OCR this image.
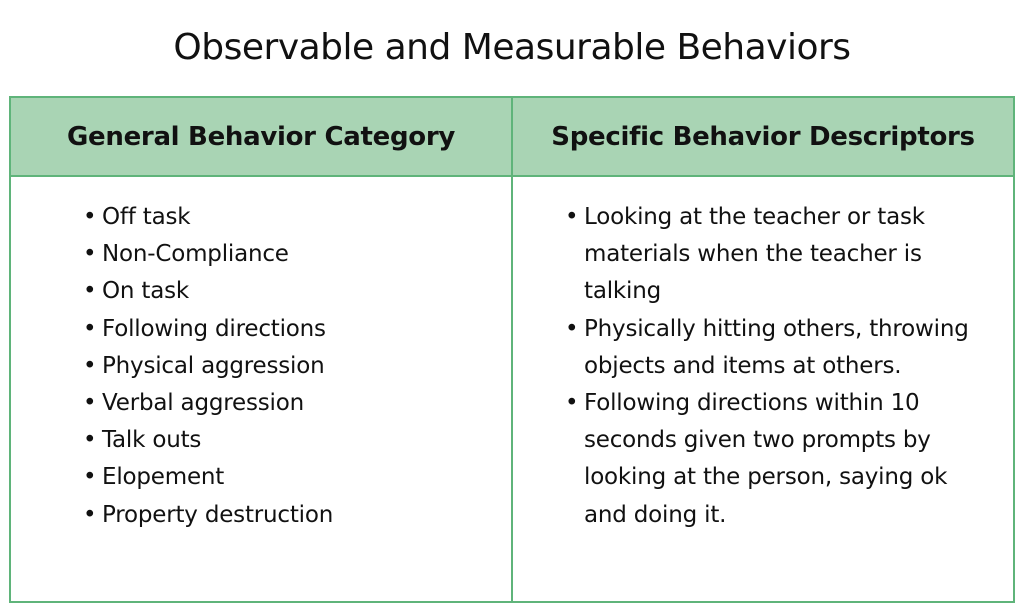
Observable and Measurable Behaviors
General Behavior Category	Specific Behavior Descriptors
• Off task
• Non-Compliance
• On task
• Following directions
• Physical aggression
• Verbal aggression
• Talk outs
• Elopement
• Property destruction
• Looking at the teacher or task materials when the teacher is talking
• Physically hitting others, throwing objects and items at others.
• Following directions within 10 seconds given two prompts by looking at the person, saying ok and doing it.
